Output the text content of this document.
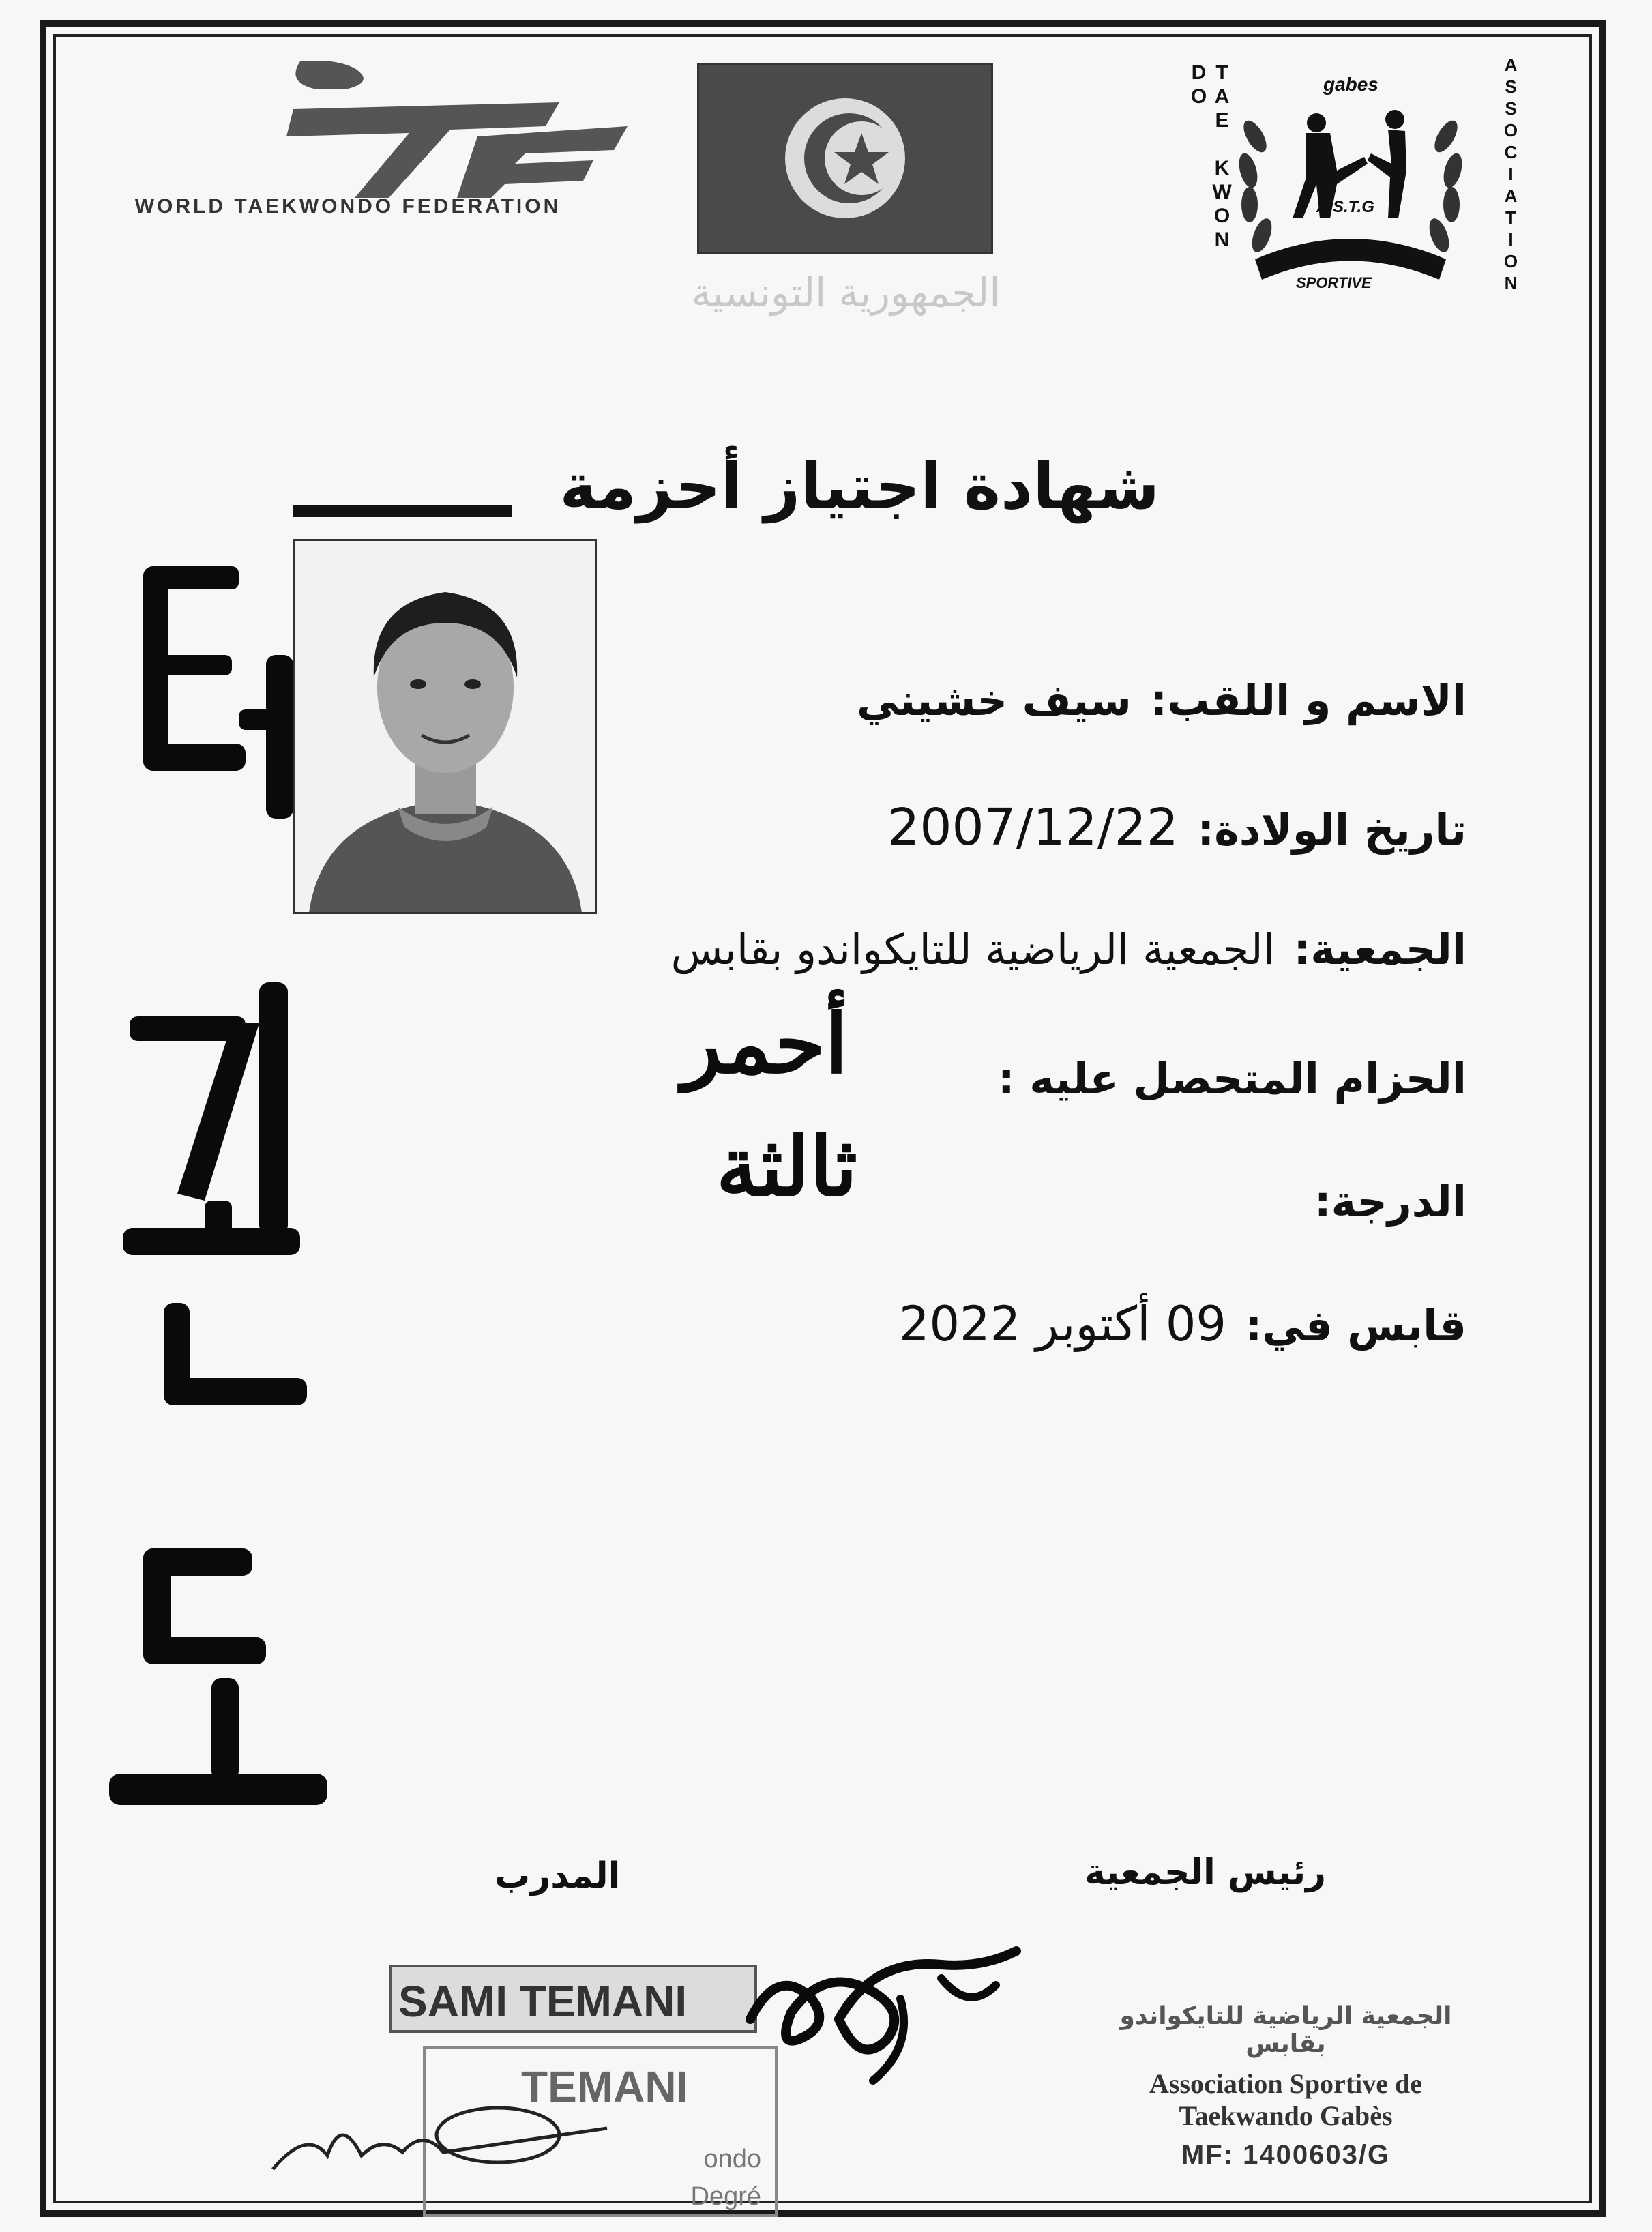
WORLD TAEKWONDO FEDERATION
الجمهورية التونسية
TAE KWON DO	ASSOCIATION
gabes
A.S.T.G
SPORTIVE
شهادة اجتياز أحزمة
الاسم و اللقب: سيف خشيني
تاريخ الولادة: 2007/12/22
الجمعية: الجمعية الرياضية للتايكواندو بقابس
الحزام المتحصل عليه :
أحمر
الدرجة:
ثالثة
قابس في: 09 أكتوبر 2022
المدرب	رئيس الجمعية
SAMI TEMANI
TEMANI
ondo
Degré
الجمعية الرياضية للتايكواندو بقابس
Association Sportive de Taekwando Gabès
MF: 1400603/G
